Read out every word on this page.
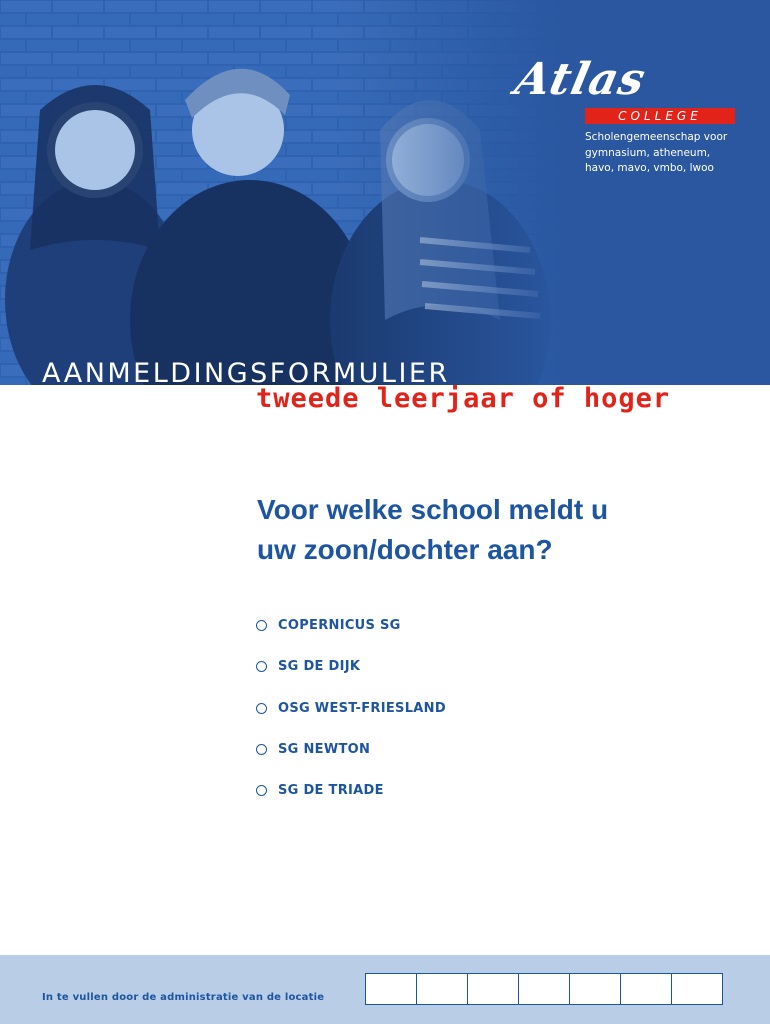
Atlas
COLLEGE
Scholengemeenschap voor
gymnasium, atheneum,
havo, mavo, vmbo, lwoo
AANMELDINGSFORMULIER
tweede leerjaar of hoger
Voor welke school meldt u
uw zoon/dochter aan?
COPERNICUS SG
SG DE DIJK
OSG WEST-FRIESLAND
SG NEWTON
SG DE TRIADE
In te vullen door de administratie van de locatie
